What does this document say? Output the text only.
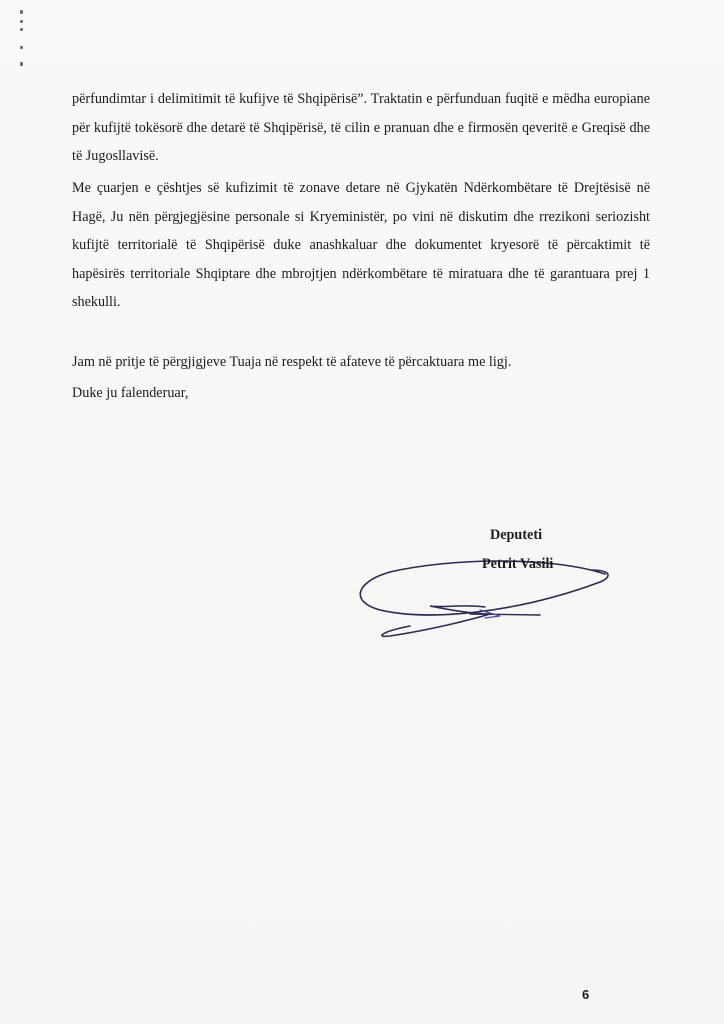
përfundimtar i delimitimit të kufijve të Shqipërisë”. Traktatin e përfunduan fuqitë e mëdha europiane për kufijtë tokësorë dhe detarë të Shqipërisë, të cilin e pranuan dhe e firmosën qeveritë e Greqisë dhe të Jugosllavisë.

Me çuarjen e çështjes së kufizimit të zonave detare në Gjykatën Ndërkombëtare të Drejtësisë në Hagë, Ju nën përgjegjësine personale si Kryeministër, po vini në diskutim dhe rrezikoni seriozisht kufijtë territorialë të Shqipërisë duke anashkaluar dhe dokumentet kryesorë të përcaktimit të hapësirës territoriale Shqiptare dhe mbrojtjen ndërkombëtare të miratuara dhe të garantuara prej 1 shekulli.

Jam në pritje të përgjigjeve Tuaja në respekt të afateve të përcaktuara me ligj.

Duke ju falenderuar,

Deputeti
Petrit Vasili
6
